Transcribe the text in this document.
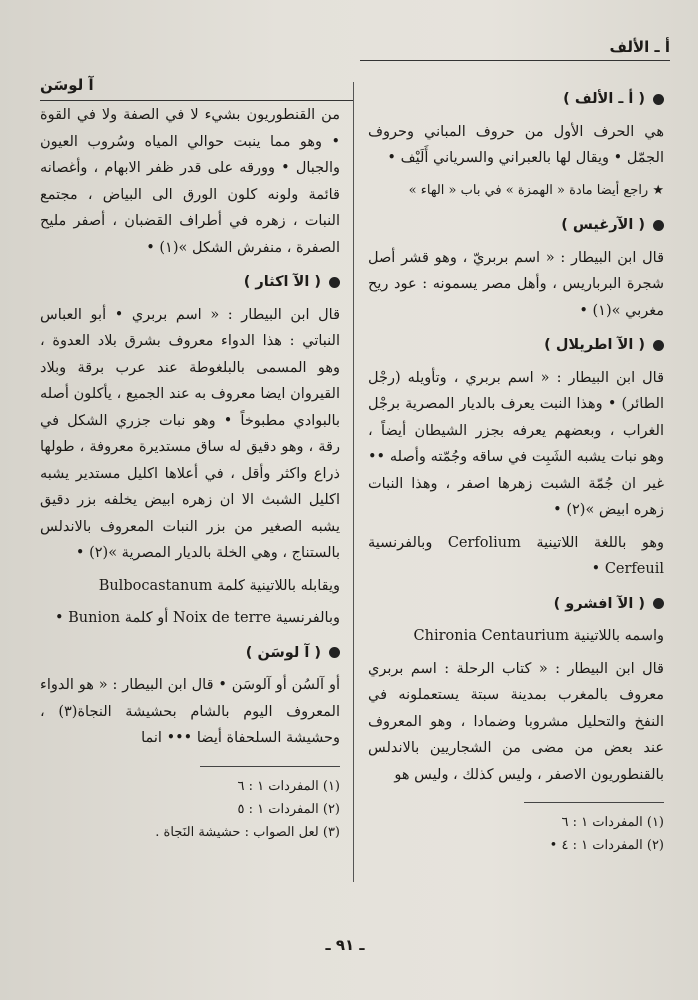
أ ـ الألف
آ لوسَن
( أ ـ الألف )

هي الحرف الأول من حروف المباني وحروف الجمّل • ويقال لها بالعبراني والسرياني أَلَيْف •

★ راجع أيضا مادة « الهمزة » في باب « الهاء »

( الآرغيس )

قال ابن البيطار : « اسم بربريّ ، وهو قشر أصل شجرة البرباريس ، وأهل مصر يسمونه : عود ريح مغربي »(١) •

( الآ اطريلال )

قال ابن البيطار : « اسم بربري ، وتأويله (رجْل الطائر) • وهذا النبت يعرف بالديار المصرية برجْل الغراب ، وبعضهم يعرفه بجزر الشيطان أيضاً ، وهو نبات يشبه الشَبِت في ساقه وجُمّته وأصله •• غير ان جُمّة الشبت زهرها اصفر ، وهذا النبات زهره ابيض »(٢) •

وهو باللغة اللاتينية Cerfolium وبالفرنسية Cerfeuil •

( الآ افشرو )

واسمه باللاتينية Chironia Centaurium

قال ابن البيطار : « كتاب الرحلة : اسم بربري معروف بالمغرب بمدينة سبتة يستعملونه في النفخ والتحليل مشروبا وضمادا ، وهو المعروف عند بعض من مضى من الشجاريين بالاندلس بالقنطوريون الاصفر ، وليس كذلك ، وليس هو

(١) المفردات ١ : ٦
(٢) المفردات ١ : ٤ •

من القنطوريون بشيء لا في الصفة ولا في القوة • وهو مما ينبت حوالي المياه وسُروب العيون والجبال • وورقه على قدر ظفر الابهام ، وأغصانه قائمة ولونه كلون الورق الى البياض ، مجتمع النبات ، زهره في أطراف القضبان ، أصفر مليح الصفرة ، منفرش الشكل »(١) •

( الآ اكثار )

قال ابن البيطار : « اسم بربري • أبو العباس النباتي : هذا الدواء معروف بشرق بلاد العدوة ، وهو المسمى بالبلغوطة عند عرب برقة وبلاد القيروان ايضا معروف به عند الجميع ، يأكلون أصله بالبوادي مطبوخاً • وهو نبات جزري الشكل في رقة ، وهو دقيق له ساق مستديرة معروفة ، طولها ذراع واكثر وأقل ، في أعلاها اكليل مستدير يشبه اكليل الشبث الا ان زهره ابيض يخلفه بزر دقيق يشبه الصغير من بزر النبات المعروف بالاندلس بالستناج ، وهي الخلة بالديار المصرية »(٢) •

ويقابله باللاتينية كلمة Bulbocastanum

وبالفرنسية Noix de terre أو كلمة Bunion •

( آ لوسَن )

أو آلسُن أو آلوسَن • قال ابن البيطار : « هو الدواء المعروف اليوم بالشام بحشيشة النجاة(٣) ، وحشيشة السلحفاة أيضا ••• انما

(١) المفردات ١ : ٦
(٢) المفردات ١ : ٥
(٣) لعل الصواب : حشيشة النَجاة .
ـ ٩١ ـ
